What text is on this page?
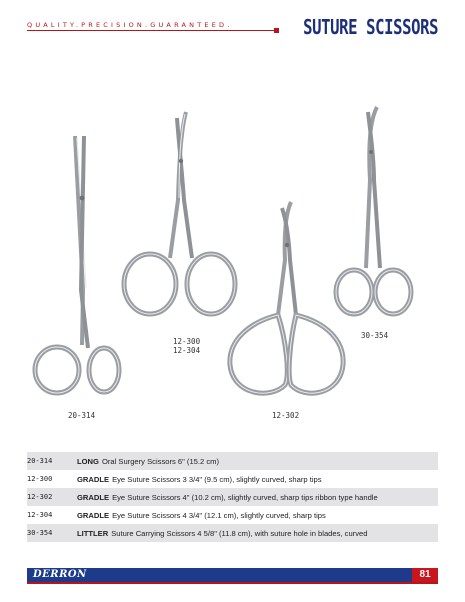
QUALITY.PRECISION.GUARANTEED.	SUTURE SCISSORS
20-314
12-300
12-304
12-302
30-354
20-314	LONG Oral Surgery Scissors 6" (15.2 cm)
12-300	GRADLE Eye Suture Scissors 3 3/4" (9.5 cm), slightly curved, sharp tips
12-302	GRADLE Eye Suture Scissors 4" (10.2 cm), slightly curved, sharp tips ribbon type handle
12-304	GRADLE Eye Suture Scissors 4 3/4" (12.1 cm), slightly curved, sharp tips
30-354	LITTLER Suture Carrying Scissors 4 5/8" (11.8 cm), with suture hole in blades, curved
DERRON	81
